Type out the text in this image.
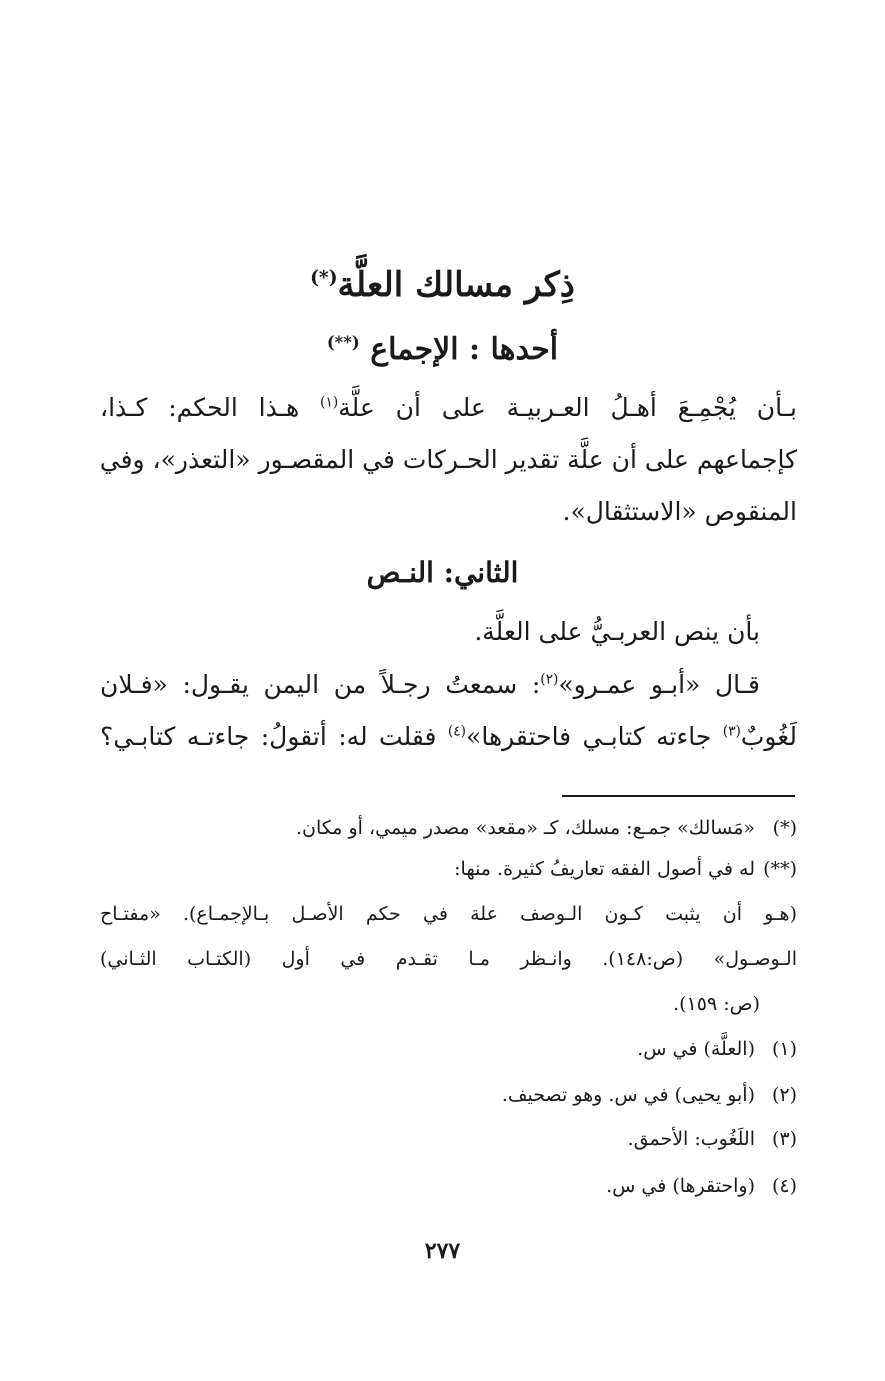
ذِكر مسالك العلَّة(*)
أحدها : الإجماع (**)
بـأن يُجْمِـعَ أهـلُ العـربيـة على أن علَّة$^{(١)}$ هـذا الحكم: كـذا،
كإجماعهم على أن علَّة تقدير الحـركات في المقصـور «التعذر»، وفي
المنقوص «الاستثقال».
الثاني: النـص
بأن ينص العربـيُّ على العلَّة.
قـال «أبـو عمـرو»$^{(٢)}$: سمعتُ رجـلاً من اليمن يقـول: «فـلان
لَغُوبٌ$^{(٣)}$ جاءته كتابـي فاحتقرها»$^{(٤)}$ فقلت له: أتقولُ: جاءتـه كتابـي؟
(*)«مَسالك» جمـع: مسلك، كـ «مقعد» مصدر ميمي، أو مكان.
(**)له في أصول الفقه تعاريفُ كثيرة. منها:
(هـو أن يثبت كـون الـوصف علة في حكم الأصـل بـالإجمـاع). «مفتـاح
الـوصـول» (ص:١٤٨). وانـظر مـا تقـدم في أول (الكتـاب الثـاني)
(ص: ١٥٩).
(١)(العلَّة) في س.
(٢)(أبو يحيى) في س. وهو تصحيف.
(٣)اللَغُوب: الأحمق.
(٤)(واحتقرها) في س.
٢٧٧
